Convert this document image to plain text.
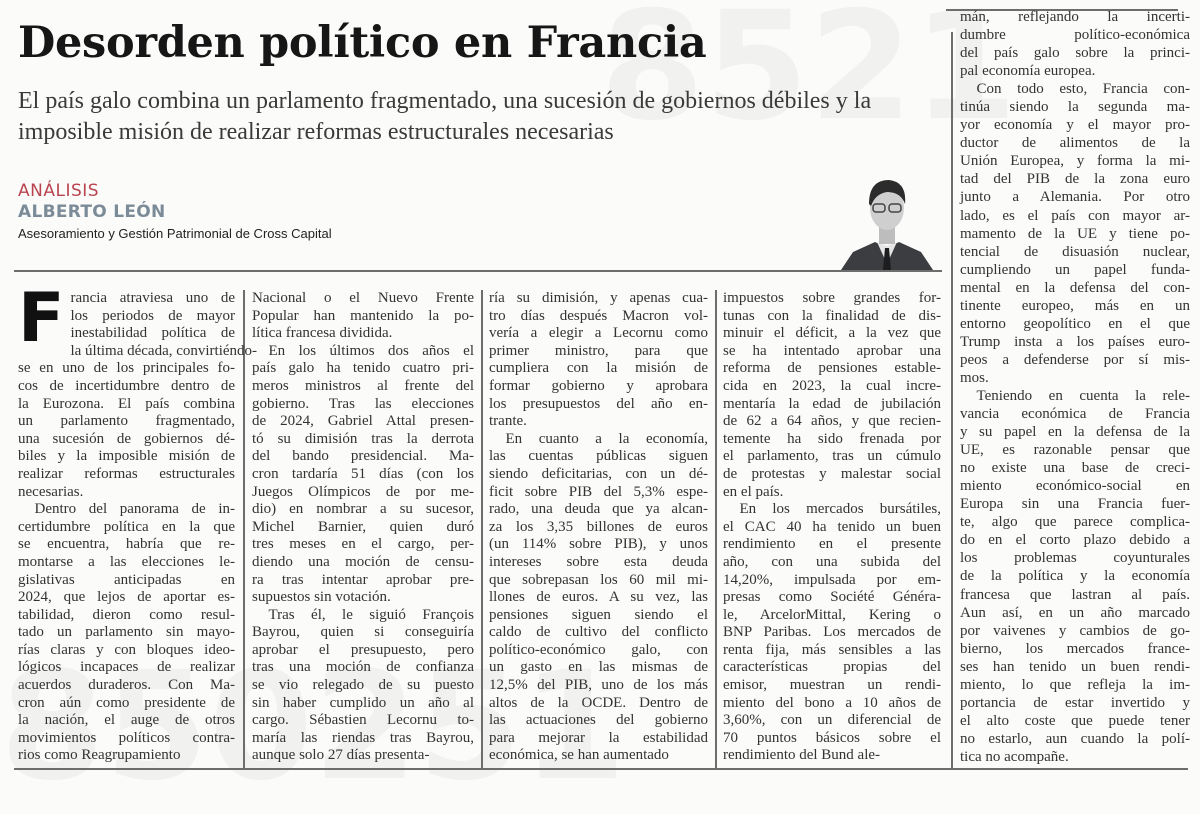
Desorden político en Francia
El país galo combina un parlamento fragmentado, una sucesión de gobiernos débiles y la imposible misión de realizar reformas estructurales necesarias
ANÁLISIS
ALBERTO LEÓN
Asesoramiento y Gestión Patrimonial de Cross Capital
F rancia atraviesa uno de
los periodos de mayor
inestabilidad política de
la última década, convirtiéndo-
se en uno de los principales fo-
cos de incertidumbre dentro de
la Eurozona. El país combina
un parlamento fragmentado,
una sucesión de gobiernos dé-
biles y la imposible misión de
realizar reformas estructurales
necesarias.
Dentro del panorama de in-
certidumbre política en la que
se encuentra, habría que re-
montarse a las elecciones le-
gislativas anticipadas en
2024, que lejos de aportar es-
tabilidad, dieron como resul-
tado un parlamento sin mayo-
rías claras y con bloques ideo-
lógicos incapaces de realizar
acuerdos duraderos. Con Ma-
cron aún como presidente de
la nación, el auge de otros
movimientos políticos contra-
rios como Reagrupamiento
Nacional o el Nuevo Frente
Popular han mantenido la po-
lítica francesa dividida.
En los últimos dos años el
país galo ha tenido cuatro pri-
meros ministros al frente del
gobierno. Tras las elecciones
de 2024, Gabriel Attal presen-
tó su dimisión tras la derrota
del bando presidencial. Ma-
cron tardaría 51 días (con los
Juegos Olímpicos de por me-
dio) en nombrar a su sucesor,
Michel Barnier, quien duró
tres meses en el cargo, per-
diendo una moción de censu-
ra tras intentar aprobar pre-
supuestos sin votación.
Tras él, le siguió François
Bayrou, quien si conseguiría
aprobar el presupuesto, pero
tras una moción de confianza
se vio relegado de su puesto
sin haber cumplido un año al
cargo. Sébastien Lecornu to-
maría las riendas tras Bayrou,
aunque solo 27 días presenta-
ría su dimisión, y apenas cua-
tro días después Macron vol-
vería a elegir a Lecornu como
primer ministro, para que
cumpliera con la misión de
formar gobierno y aprobara
los presupuestos del año en-
trante.
En cuanto a la economía,
las cuentas públicas siguen
siendo deficitarias, con un dé-
ficit sobre PIB del 5,3% espe-
rado, una deuda que ya alcan-
za los 3,35 billones de euros
(un 114% sobre PIB), y unos
intereses sobre esta deuda
que sobrepasan los 60 mil mi-
llones de euros. A su vez, las
pensiones siguen siendo el
caldo de cultivo del conflicto
político-económico galo, con
un gasto en las mismas de
12,5% del PIB, uno de los más
altos de la OCDE. Dentro de
las actuaciones del gobierno
para mejorar la estabilidad
económica, se han aumentado
impuestos sobre grandes for-
tunas con la finalidad de dis-
minuir el déficit, a la vez que
se ha intentado aprobar una
reforma de pensiones estable-
cida en 2023, la cual incre-
mentaría la edad de jubilación
de 62 a 64 años, y que recien-
temente ha sido frenada por
el parlamento, tras un cúmulo
de protestas y malestar social
en el país.
En los mercados bursátiles,
el CAC 40 ha tenido un buen
rendimiento en el presente
año, con una subida del
14,20%, impulsada por em-
presas como Société Généra-
le, ArcelorMittal, Kering o
BNP Paribas. Los mercados de
renta fija, más sensibles a las
características propias del
emisor, muestran un rendi-
miento del bono a 10 años de
3,60%, con un diferencial de
70 puntos básicos sobre el
rendimiento del Bund ale-
mán, reflejando la incerti-
dumbre político-económica
del país galo sobre la princi-
pal economía europea.
Con todo esto, Francia con-
tinúa siendo la segunda ma-
yor economía y el mayor pro-
ductor de alimentos de la
Unión Europea, y forma la mi-
tad del PIB de la zona euro
junto a Alemania. Por otro
lado, es el país con mayor ar-
mamento de la UE y tiene po-
tencial de disuasión nuclear,
cumpliendo un papel funda-
mental en la defensa del con-
tinente europeo, más en un
entorno geopolítico en el que
Trump insta a los países euro-
peos a defenderse por sí mis-
mos.
Teniendo en cuenta la rele-
vancia económica de Francia
y su papel en la defensa de la
UE, es razonable pensar que
no existe una base de creci-
miento económico-social en
Europa sin una Francia fuer-
te, algo que parece complica-
do en el corto plazo debido a
los problemas coyunturales
de la política y la economía
francesa que lastran al país.
Aun así, en un año marcado
por vaivenes y cambios de go-
bierno, los mercados france-
ses han tenido un buen rendi-
miento, lo que refleja la im-
portancia de estar invertido y
el alto coste que puede tener
no estarlo, aun cuando la polí-
tica no acompañe.
